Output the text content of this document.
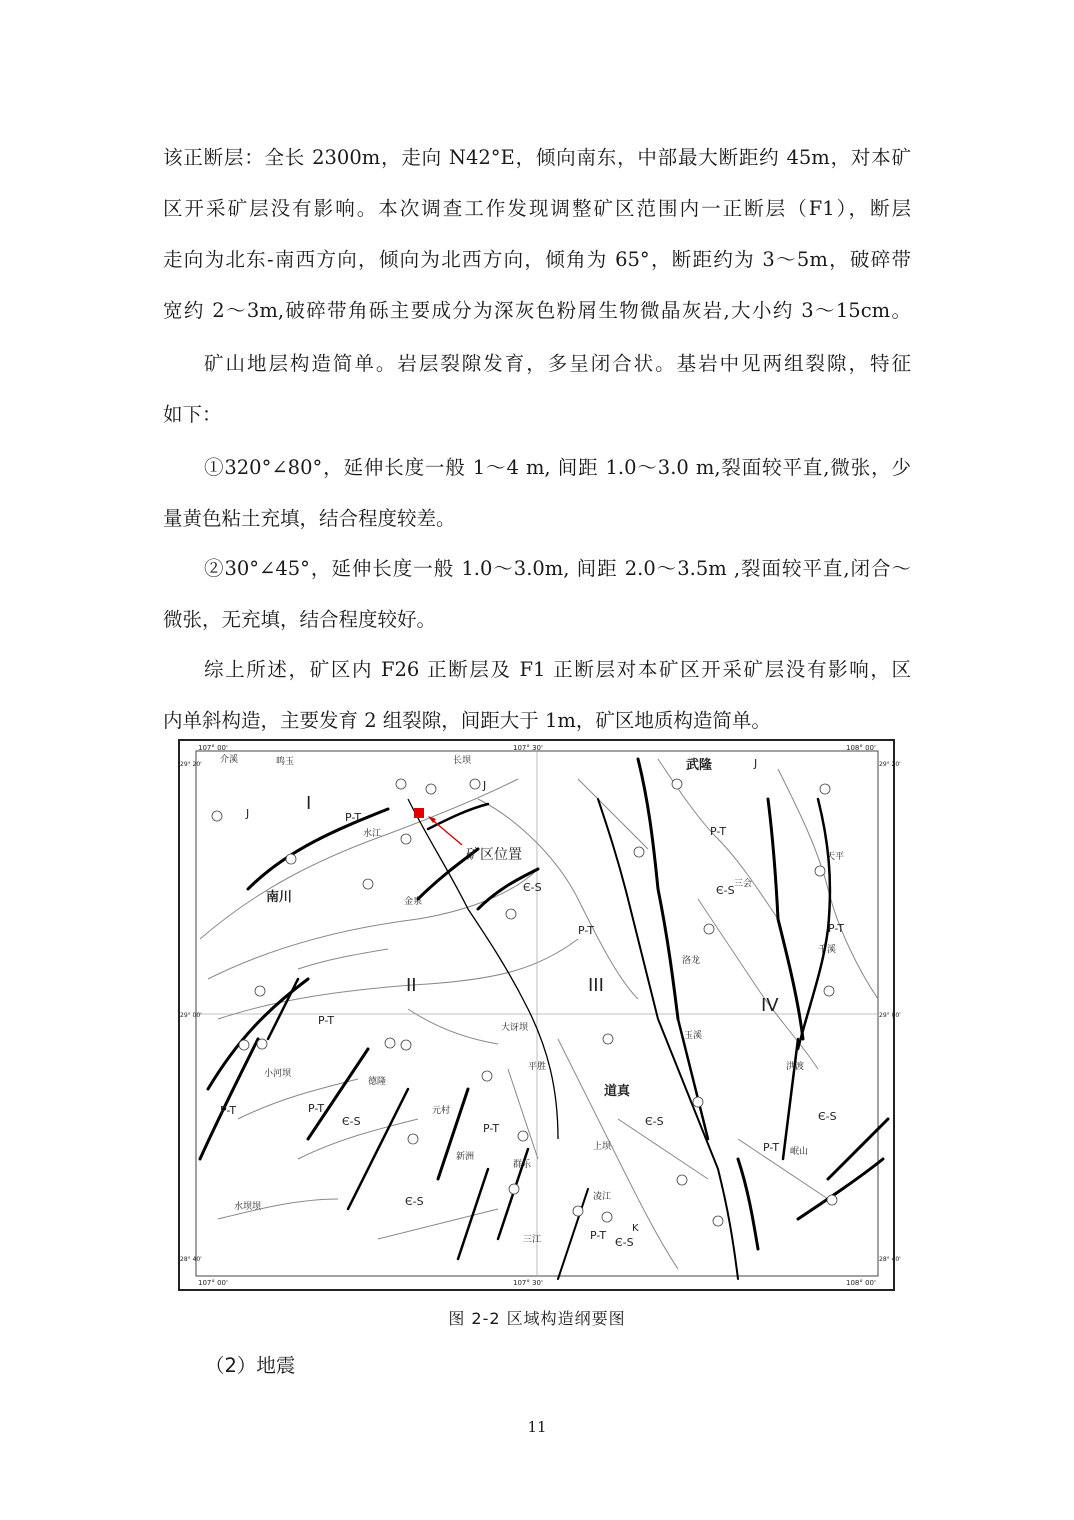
该正断层：全长 2300m，走向 N42°E，倾向南东，中部最大断距约 45m，对本矿
区开采矿层没有影响。本次调查工作发现调整矿区范围内一正断层（F1），断层
走向为北东-南西方向，倾向为北西方向，倾角为 65°，断距约为 3～5m，破碎带
宽约 2～3m,破碎带角砾主要成分为深灰色粉屑生物微晶灰岩,大小约 3～15cm。
矿山地层构造简单。岩层裂隙发育，多呈闭合状。基岩中见两组裂隙，特征
如下：
①320°∠80°，延伸长度一般 1～4 m, 间距 1.0～3.0 m,裂面较平直,微张，少
量黄色粘土充填，结合程度较差。
②30°∠45°，延伸长度一般 1.0～3.0m, 间距 2.0～3.5m ,裂面较平直,闭合～
微张，无充填，结合程度较好。
综上所述，矿区内 F26 正断层及 F1 正断层对本矿区开采矿层没有影响，区
内单斜构造，主要发育 2 组裂隙，间距大于 1m，矿区地质构造简单。
矿区位置
107° 00'	107° 30'	108° 00'
107° 00'	107° 30'	108° 00'
29° 20'	29° 20'
29° 00'	29° 00'
28° 40'	28° 40'
I
II	III
IV
J	P-T
J
P-T
Є-S	Є-S
P-T	P-T
P-T
P-T	P-T
Є-S
P-T
Є-S
Є-S
P-T
Є-S
P-T
Є-S
K
J
南川
武隆
道真
水江
金泉
鸣玉
介溪	长坝
大讶坝
三会
洛龙
元村
新洲
群乐
德隆
小河坝
平胜
上坝
水坝坝
三江
千溪
天平
岷山
玉溪
凌江
洪渡
图 2-2 区域构造纲要图
（2）地震
11
